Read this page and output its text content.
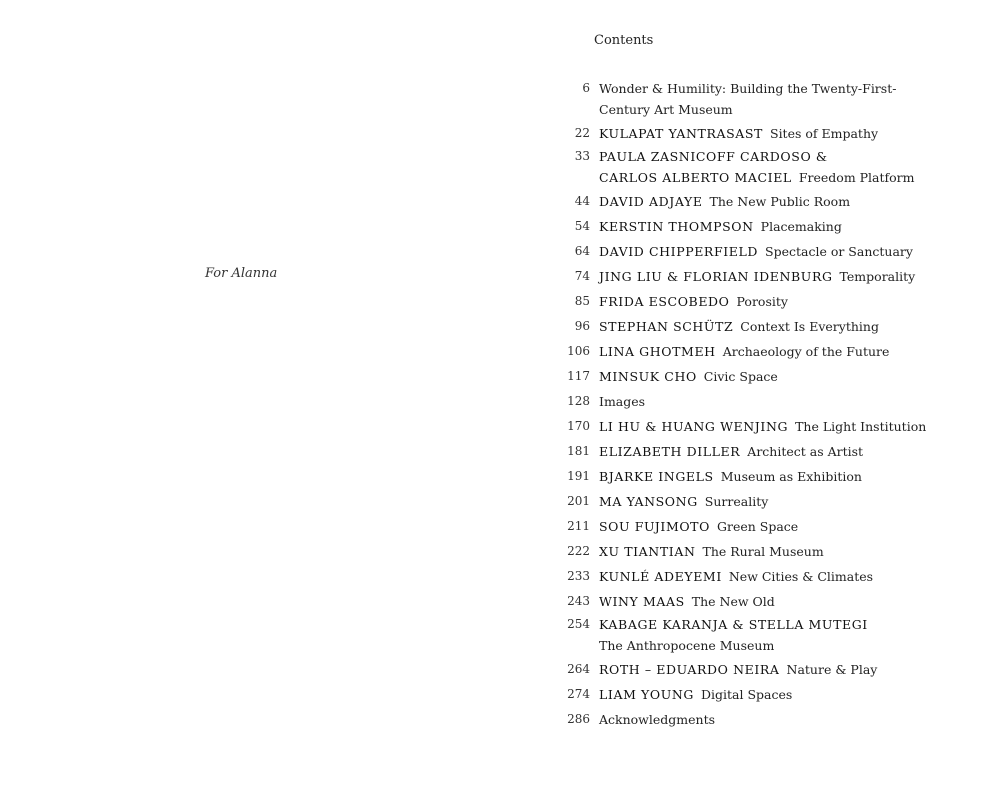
For Alanna
Contents
6 Wonder & Humility: Building the Twenty-First-
Century Art Museum
22 KULAPAT YANTRASAST Sites of Empathy
33 PAULA ZASNICOFF CARDOSO &
CARLOS ALBERTO MACIEL Freedom Platform
44 DAVID ADJAYE The New Public Room
54 KERSTIN THOMPSON Placemaking
64 DAVID CHIPPERFIELD Spectacle or Sanctuary
74 JING LIU & FLORIAN IDENBURG Temporality
85 FRIDA ESCOBEDO Porosity
96 STEPHAN SCHÜTZ Context Is Everything
106 LINA GHOTMEH Archaeology of the Future
117 MINSUK CHO Civic Space
128 Images
170 LI HU & HUANG WENJING The Light Institution
181 ELIZABETH DILLER Architect as Artist
191 BJARKE INGELS Museum as Exhibition
201 MA YANSONG Surreality
211 SOU FUJIMOTO Green Space
222 XU TIANTIAN The Rural Museum
233 KUNLÉ ADEYEMI New Cities & Climates
243 WINY MAAS The New Old
254 KABAGE KARANJA & STELLA MUTEGI
The Anthropocene Museum
264 ROTH – EDUARDO NEIRA Nature & Play
274 LIAM YOUNG Digital Spaces
286 Acknowledgments
